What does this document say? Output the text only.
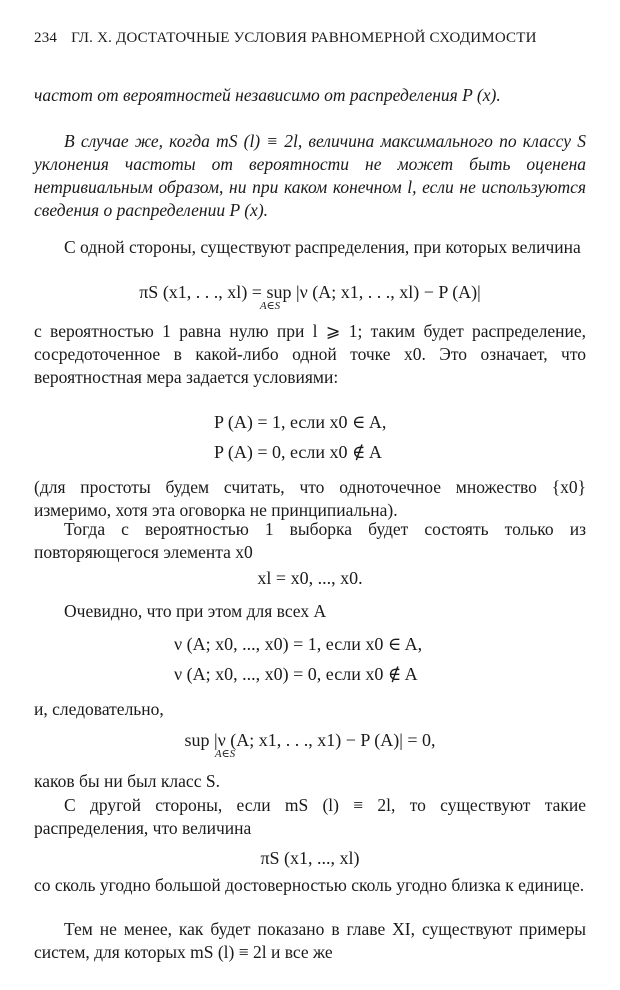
234 ГЛ. X. ДОСТАТОЧНЫЕ УСЛОВИЯ РАВНОМЕРНОЙ СХОДИМОСТИ
частот от вероятностей независимо от распределения P (x).
В случае же, когда mS (l) ≡ 2l, величина максимального по классу S уклонения частоты от вероятности не может быть оценена нетривиальным образом, ни при каком конечном l, если не используются сведения о распределении P (x).
С одной стороны, существуют распределения, при которых величина
πS (x1, . . ., xl) = sup |ν (A; x1, . . ., xl) − P (A)|
A∈S
с вероятностью 1 равна нулю при l ⩾ 1; таким будет распределение, сосредоточенное в какой-либо одной точке x0. Это означает, что вероятностная мера задается условиями:
P (A) = 1, если x0 ∈ A,
P (A) = 0, если x0 ∉ A
(для простоты будем считать, что одноточечное множество {x0} измеримо, хотя эта оговорка не принципиальна).
Тогда с вероятностью 1 выборка будет состоять только из повторяющегося элемента x0
xl = x0, ..., x0.
Очевидно, что при этом для всех A
ν (A; x0, ..., x0) = 1, если x0 ∈ A,
ν (A; x0, ..., x0) = 0, если x0 ∉ A
и, следовательно,
sup |ν (A; x1, . . ., x1) − P (A)| = 0,
A∈S
каков бы ни был класс S.
С другой стороны, если mS (l) ≡ 2l, то существуют такие распределения, что величина
πS (x1, ..., xl)
со сколь угодно большой достоверностью сколь угодно близка к единице.
Тем не менее, как будет показано в главе XI, существуют примеры систем, для которых mS (l) ≡ 2l и все же
